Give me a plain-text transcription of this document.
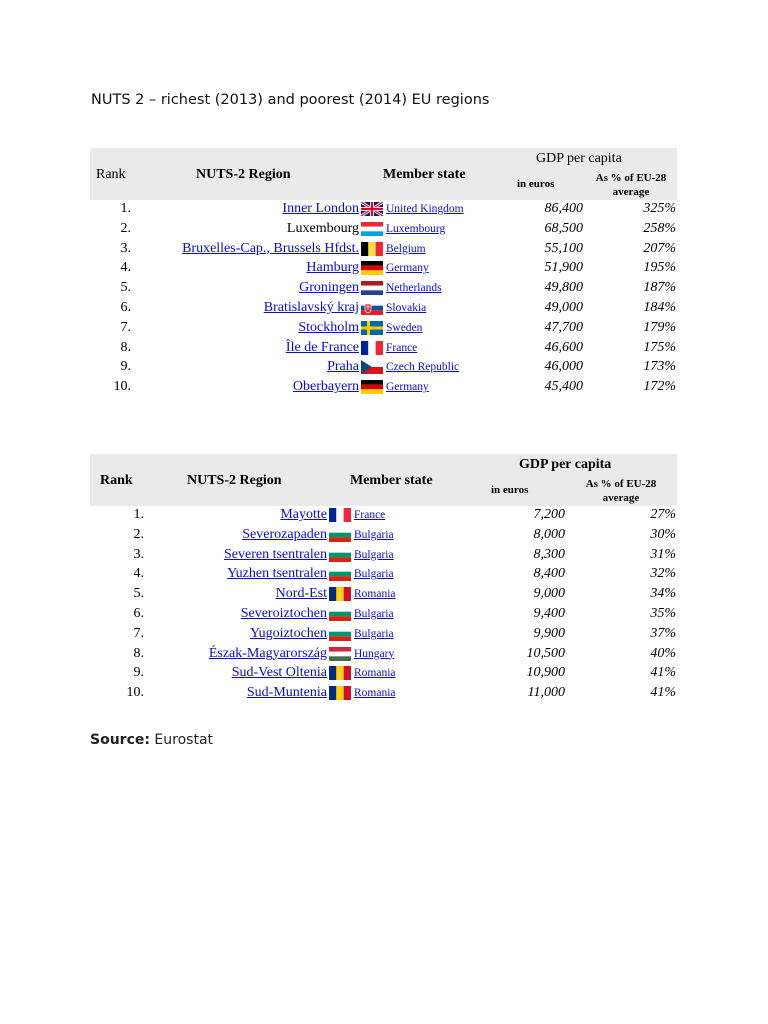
NUTS 2 – richest (2013) and poorest (2014) EU regions
Rank	NUTS-2 Region	Member state
GDP per capita
in euros	As % of EU-28
average
1.	Inner London United Kingdom	86,400	325%
2.	Luxembourg Luxembourg	68,500	258%
3.	Bruxelles-Cap., Brussels Hfdst. Belgium	55,100	207%
4.	Hamburg Germany	51,900	195%
5.	Groningen Netherlands	49,800	187%
6.	Bratislavský kraj Slovakia	49,000	184%
7.	Stockholm Sweden	47,700	179%
8.	Île de France France	46,600	175%
9.	Praha Czech Republic	46,000	173%
10.	Oberbayern Germany	45,400	172%
Rank	NUTS-2 Region	Member state
GDP per capita
in euros	As % of EU-28
average
1.	Mayotte France	7,200	27%
2.	Severozapaden Bulgaria	8,000	30%
3.	Severen tsentralen Bulgaria	8,300	31%
4.	Yuzhen tsentralen Bulgaria	8,400	32%
5.	Nord-Est Romania	9,000	34%
6.	Severoiztochen Bulgaria	9,400	35%
7.	Yugoiztochen Bulgaria	9,900	37%
8.	Észak-Magyarország Hungary	10,500	40%
9.	Sud-Vest Oltenia Romania	10,900	41%
10.	Sud-Muntenia Romania	11,000	41%
Source: Eurostat
